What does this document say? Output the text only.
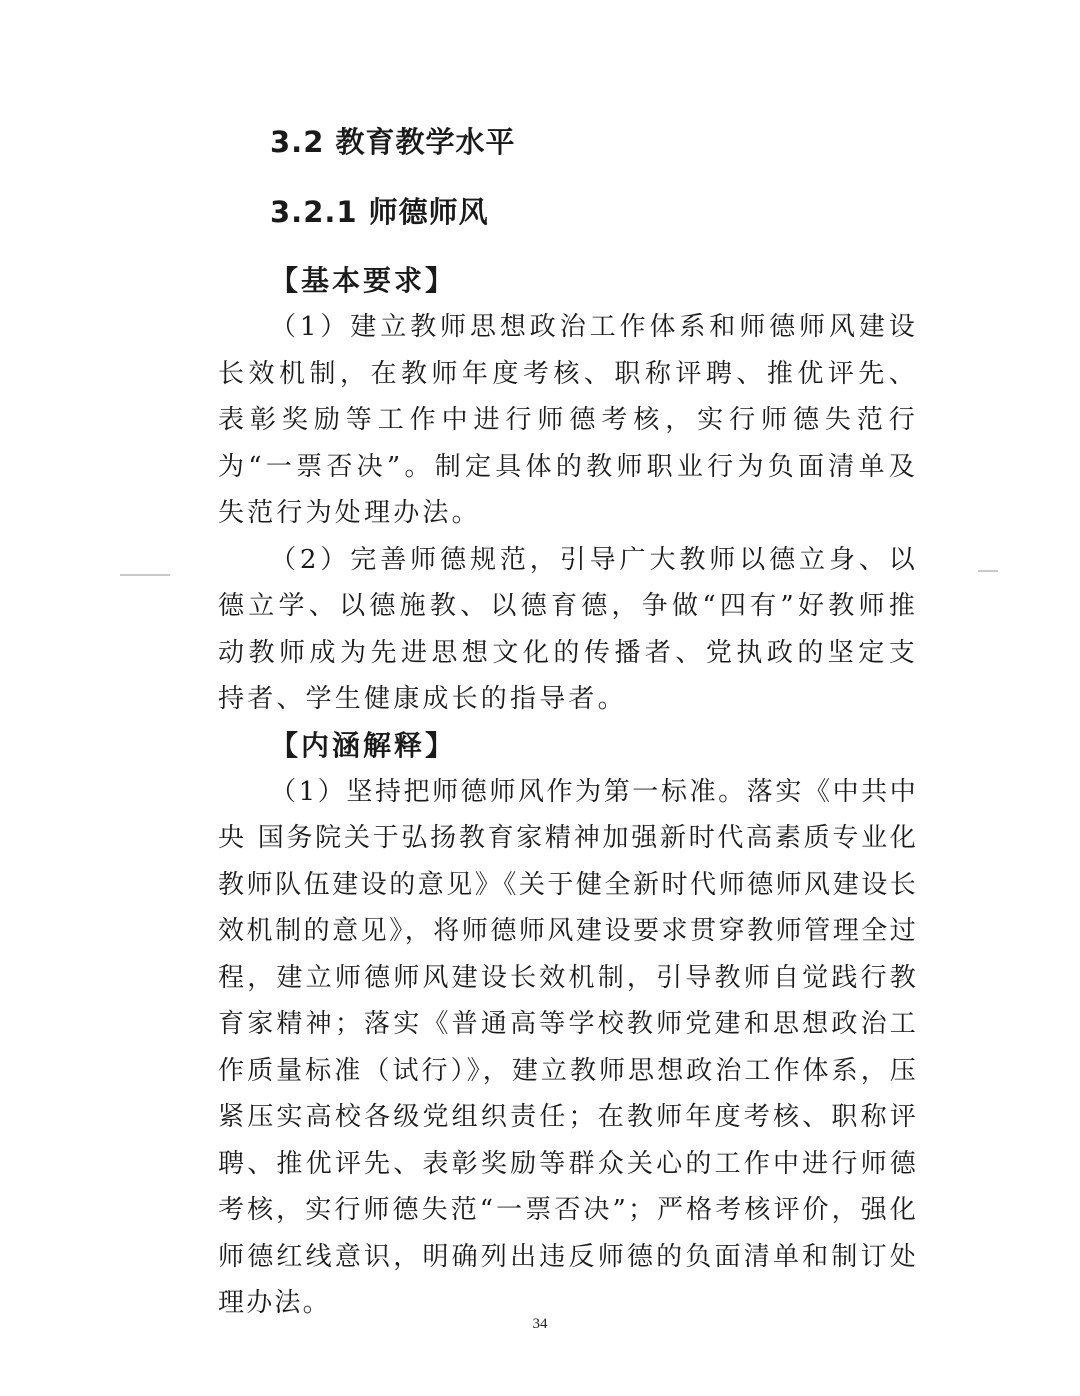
3.2 教育教学水平
3.2.1 师德师风
【基本要求】

（1）建立教师思想政治工作体系和师德师风建设长效机制，在教师年度考核、职称评聘、推优评先、表彰奖励等工作中进行师德考核，实行师德失范行为“一票否决”。制定具体的教师职业行为负面清单及失范行为处理办法。

（2）完善师德规范，引导广大教师以德立身、以德立学、以德施教、以德育德，争做“四有”好教师推动教师成为先进思想文化的传播者、党执政的坚定支持者、学生健康成长的指导者。

【内涵解释】

（1）坚持把师德师风作为第一标准。落实《中共中央 国务院关于弘扬教育家精神加强新时代高素质专业化教师队伍建设的意见》《关于健全新时代师德师风建设长效机制的意见》，将师德师风建设要求贯穿教师管理全过程，建立师德师风建设长效机制，引导教师自觉践行教育家精神；落实《普通高等学校教师党建和思想政治工作质量标准（试行）》，建立教师思想政治工作体系，压紧压实高校各级党组织责任；在教师年度考核、职称评聘、推优评先、表彰奖励等群众关心的工作中进行师德考核，实行师德失范“一票否决”；严格考核评价，强化师德红线意识，明确列出违反师德的负面清单和制订处理办法。

34
